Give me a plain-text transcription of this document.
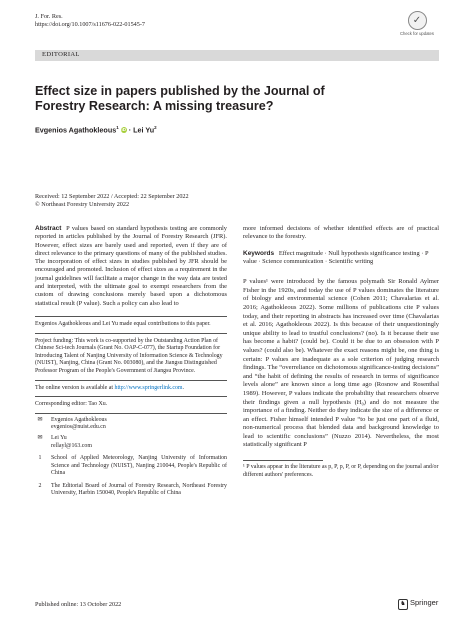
J. For. Res.
https://doi.org/10.1007/s11676-022-01545-7	✓
Check for updates
EDITORIAL
Effect size in papers published by the Journal of Forestry Research: A missing treasure?
Evgenios Agathokleous$^1$ iD · Lei Yu$^2$
Received: 12 September 2022 / Accepted: 22 September 2022
© Northeast Forestry University 2022

Abstract P values based on standard hypothesis testing are commonly reported in articles published by the Journal of Forestry Research (JFR). However, effect sizes are barely used and reported, even if they are of direct relevance to the primary questions of many of the published studies. The incorporation of effect sizes in studies published by JFR should be encouraged and promoted. Inclusion of effect sizes as a requirement in the journal guidelines will facilitate a major change in the way data are tested and interpreted, with the ultimate goal to exempt researchers from the custom of drawing conclusions merely based upon a dichotomous statistical result (P value). Such a policy can also lead to

Evgenios Agathokleous and Lei Yu made equal contributions to this paper.

Project funding: This work is co-supported by the Outstanding Action Plan of Chinese Sci-tech Journals (Grant No. OAP-C-077), the Startup Foundation for Introducing Talent of Nanjing University of Information Science & Technology (NUIST), Nanjing, China (Grant No. 003080), and the Jiangsu Distinguished Professor Program of the People's Government of Jiangsu Province.

The online version is available at http://www.springerlink.com.

Corresponding editor: Tao Xu.

✉	Evgenios Agathokleous
evgenios@nuist.edu.cn
✉	Lei Yu
rellayl@163.com
1	School of Applied Meteorology, Nanjing University of Information Science and Technology (NUIST), Nanjing 210044, People's Republic of China
2	The Editorial Board of Journal of Forestry Research, Northeast Forestry University, Harbin 150040, People's Republic of China

more informed decisions of whether identified effects are of practical relevance to the forestry.

Keywords Effect magnitude · Null hypothesis significance testing · P value · Science communication · Scientific writing

P values¹ were introduced by the famous polymath Sir Ronald Aylmer Fisher in the 1920s, and today the use of P values dominates the literature of biology and environmental science (Cohen 2011; Chavalarias et al. 2016; Agathokleous 2022). Some millions of publications cite P values today, and their reporting in abstracts has increased over time (Chavalarias et al. 2016; Agathokleous 2022). Is this because of their unquestioningly unique ability to lead to trustful conclusions? (no). Is it because their use has become a habit? (could be). Could it be due to an obsession with P values? (could also be). Whatever the exact reasons might be, one thing is certain: P values are inadequate as a sole criterion of judging research findings. The “overreliance on dichotomous significance-testing decisions” and “the habit of defining the results of research in terms of significance levels alone” are known since a long time ago (Rosnow and Rosenthal 1989). However, P values indicate the probability that researchers observe their findings given a null hypothesis (H₀) and do not measure the importance of a finding. Neither do they indicate the size of a difference or an effect. Fisher himself intended P value “to be just one part of a fluid, non-numerical process that blended data and background knowledge to lead to scientific conclusions” (Nuzzo 2014). Nevertheless, the most statistically significant P

¹ P values appear in the literature as p, P, p, P, or P, depending on the journal and/or different authors' preferences.

Published online: 13 October 2022	♞ Springer
